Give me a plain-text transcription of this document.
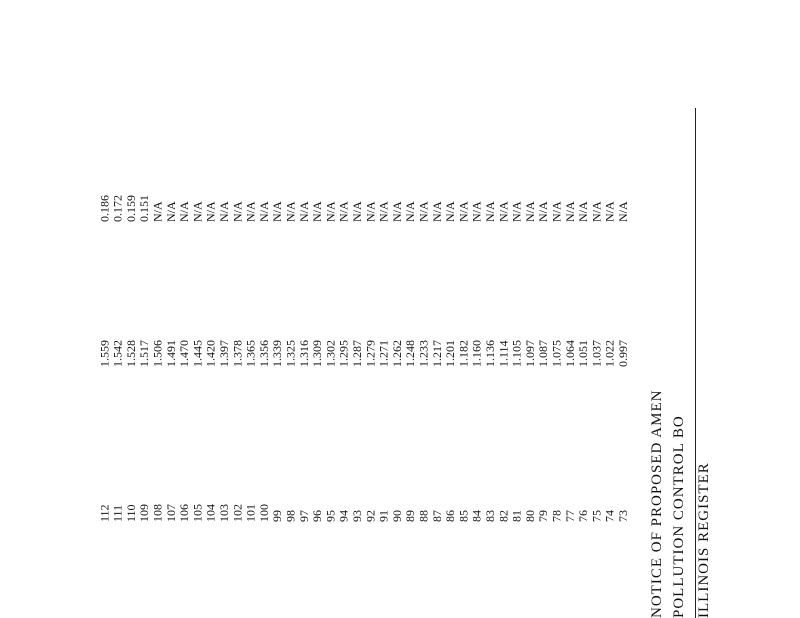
ILLINOIS REGISTER
POLLUTION CONTROL BO
NOTICE OF PROPOSED AMEN
73
0.997
N/A
74
1.022
N/A
75
1.037
N/A
76
1.051
N/A
77
1.064
N/A
78
1.075
N/A
79
1.087
N/A
80
1.097
N/A
81
1.105
N/A
82
1.114
N/A
83
1.136
N/A
84
1.160
N/A
85
1.182
N/A
86
1.201
N/A
87
1.217
N/A
88
1.233
N/A
89
1.248
N/A
90
1.262
N/A
91
1.271
N/A
92
1.279
N/A
93
1.287
N/A
94
1.295
N/A
95
1.302
N/A
96
1.309
N/A
97
1.316
N/A
98
1.325
N/A
99
1.339
N/A
100
1.356
N/A
101
1.365
N/A
102
1.378
N/A
103
1.397
N/A
104
1.420
N/A
105
1.445
N/A
106
1.470
N/A
107
1.491
N/A
108
1.506
N/A
109
1.517
0.151
110
1.528
0.159
111
1.542
0.172
112
1.559
0.186
